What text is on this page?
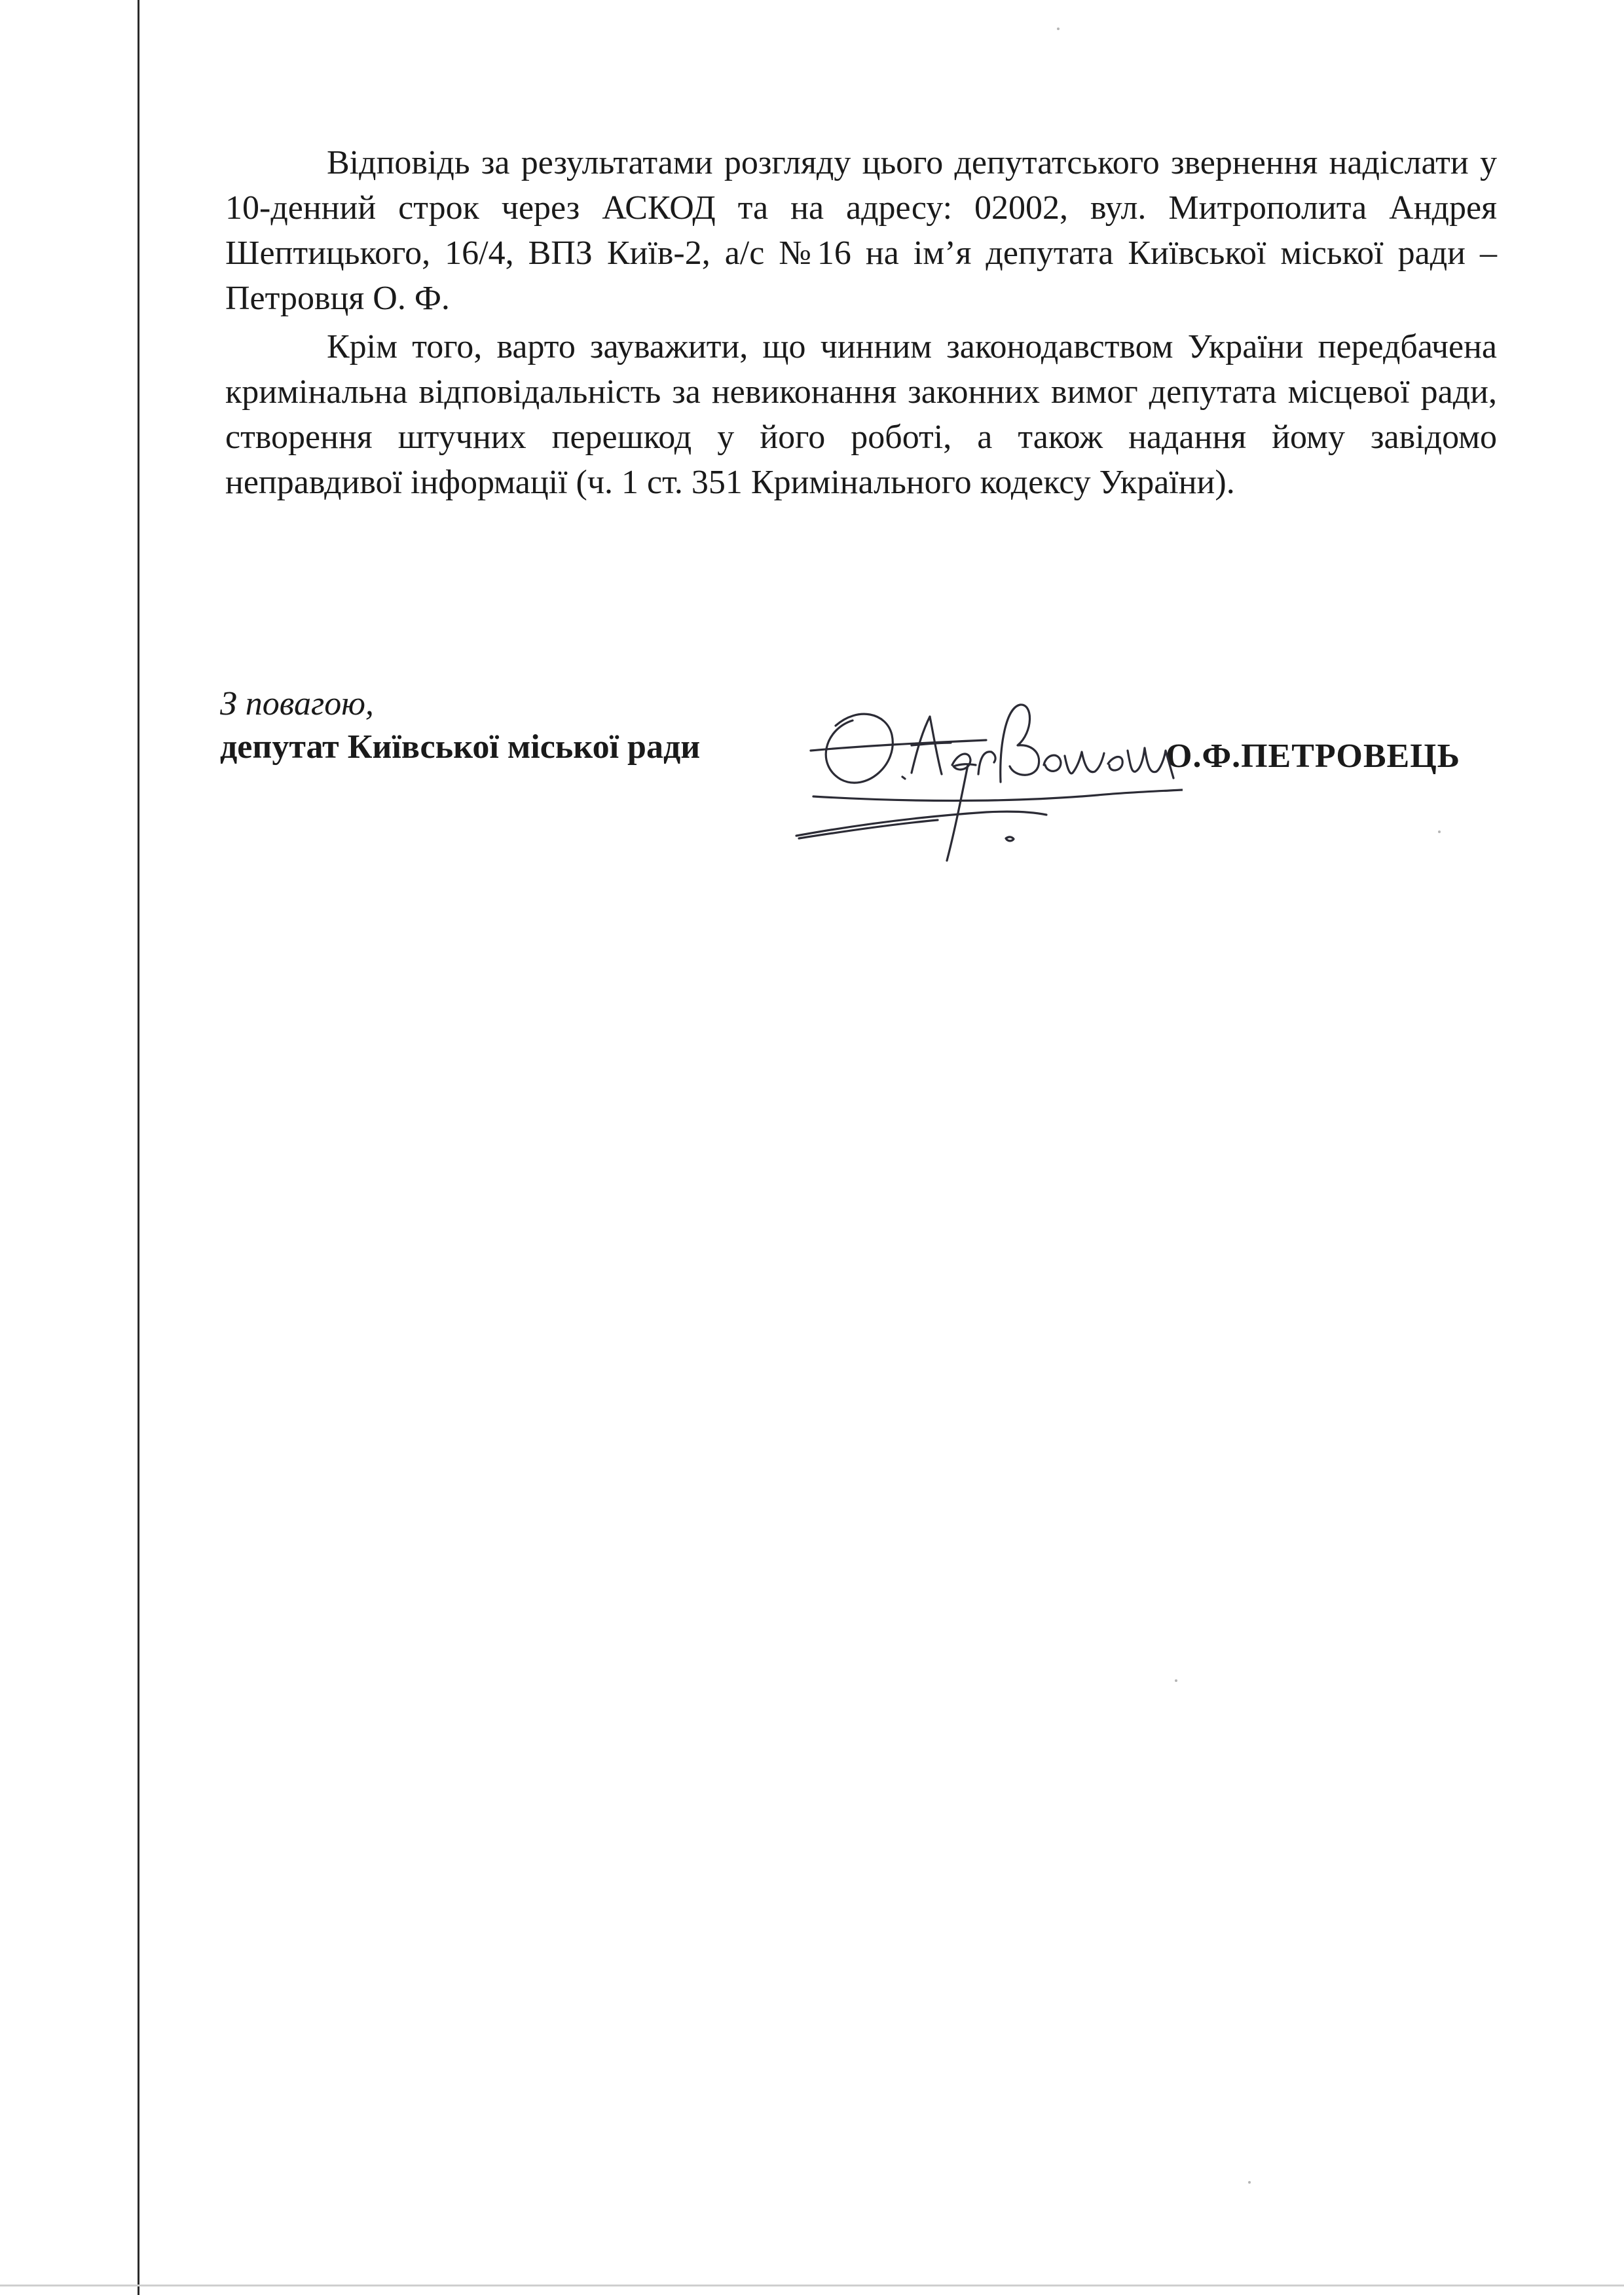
Відповідь за результатами розгляду цього депутатського звернення надіслати у 10-денний строк через АСКОД та на адресу: 02002, вул. Митрополита Андрея Шептицького, 16/4, ВПЗ Київ-2, а/с №16 на ім’я депутата Київської міської ради – Петровця О. Ф.

Крім того, варто зауважити, що чинним законодавством України передбачена кримінальна відповідальність за невиконання законних вимог депутата місцевої ради, створення штучних перешкод у його роботі, а також надання йому завідомо неправдивої інформації (ч. 1 ст. 351 Кримінального кодексу України).

З повагою,
депутат Київської міської ради	О.Ф.ПЕТРОВЕЦЬ
